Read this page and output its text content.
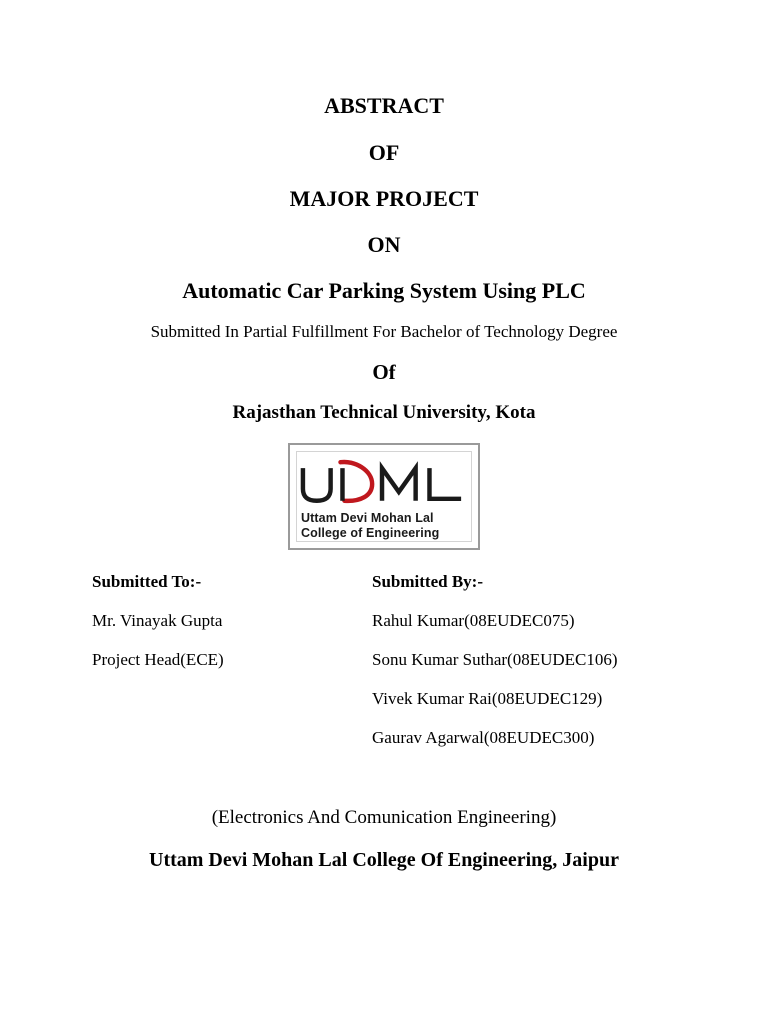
ABSTRACT

OF

MAJOR PROJECT

ON

Automatic Car Parking System Using PLC

Submitted In Partial Fulfillment For Bachelor of Technology Degree

Of

Rajasthan Technical University, Kota

Uttam Devi Mohan Lal
College of Engineering

Submitted To:-

Mr. Vinayak Gupta

Project Head(ECE)

Submitted By:-

Rahul Kumar(08EUDEC075)

Sonu Kumar Suthar(08EUDEC106)

Vivek Kumar Rai(08EUDEC129)

Gaurav Agarwal(08EUDEC300)

(Electronics And Comunication Engineering)

Uttam Devi Mohan Lal College Of Engineering, Jaipur
